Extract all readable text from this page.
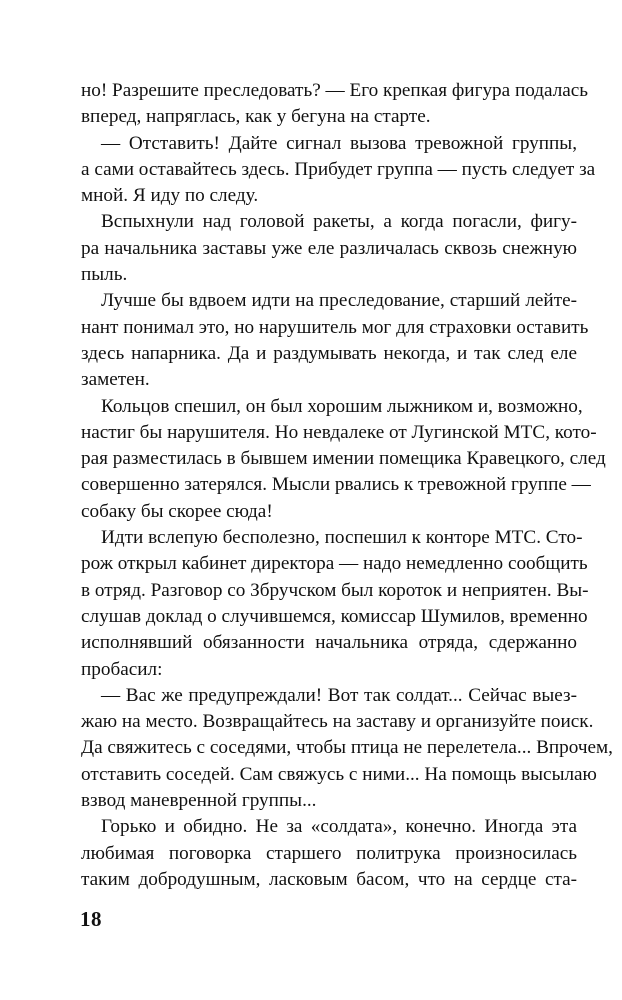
но! Разрешите преследовать? — Его крепкая фигура подалась
вперед, напряглась, как у бегуна на старте.
— Отставить! Дайте сигнал вызова тревожной группы,
а сами оставайтесь здесь. Прибудет группа — пусть следует за
мной. Я иду по следу.
Вспыхнули над головой ракеты, а когда погасли, фигу-
ра начальника заставы уже еле различалась сквозь снежную
пыль.
Лучше бы вдвоем идти на преследование, старший лейте-
нант понимал это, но нарушитель мог для страховки оставить
здесь напарника. Да и раздумывать некогда, и так след еле
заметен.
Кольцов спешил, он был хорошим лыжником и, возможно,
настиг бы нарушителя. Но невдалеке от Лугинской МТС, кото-
рая разместилась в бывшем имении помещика Кравецкого, след
совершенно затерялся. Мысли рвались к тревожной группе —
собаку бы скорее сюда!
Идти вслепую бесполезно, поспешил к конторе МТС. Сто-
рож открыл кабинет директора — надо немедленно сообщить
в отряд. Разговор со Збручском был короток и неприятен. Вы-
слушав доклад о случившемся, комиссар Шумилов, временно
исполнявший обязанности начальника отряда, сдержанно
пробасил:
— Вас же предупреждали! Вот так солдат... Сейчас выез-
жаю на место. Возвращайтесь на заставу и организуйте поиск.
Да свяжитесь с соседями, чтобы птица не перелетела... Впрочем,
отставить соседей. Сам свяжусь с ними... На помощь высылаю
взвод маневренной группы...
Горько и обидно. Не за «солдата», конечно. Иногда эта
любимая поговорка старшего политрука произносилась
таким добродушным, ласковым басом, что на сердце ста-
18
